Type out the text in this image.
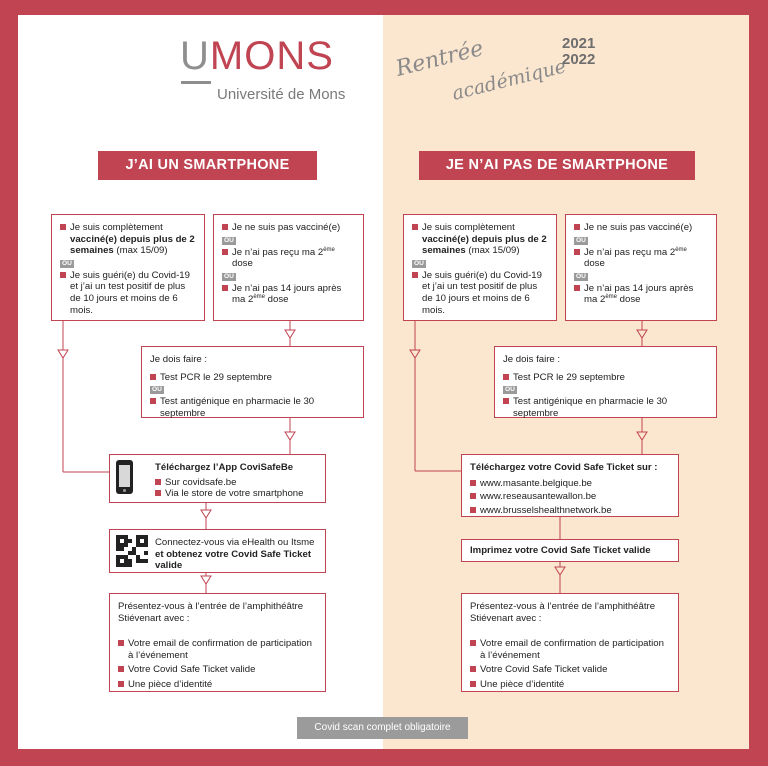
UMONS
Université de Mons
Rentrée
académique
2021
2022
J’AI UN SMARTPHONE	JE N’AI PAS DE SMARTPHONE

Je suis complètement vacciné(e) depuis plus de 2 semaines (max 15/09)

OU

Je suis guéri(e) du Covid-19 et j’ai un test positif de plus de 10 jours et moins de 6 mois.

Je ne suis pas vacciné(e)

OU

Je n’ai pas reçu ma 2ème dose

OU

Je n’ai pas 14 jours après ma 2ème dose

Je dois faire :

Test PCR le 29 septembre

OU

Test antigénique en pharmacie le 30 septembre

Téléchargez l’App CoviSafeBe

Sur covidsafe.be

Via le store de votre smartphone

Connectez-vous via eHealth ou Itsme

et obtenez votre Covid Safe Ticket

valide

Présentez-vous à l’entrée de l’amphithéâtre Stiévenart avec :

Votre email de confirmation de participation à l’événement

Votre Covid Safe Ticket valide

Une pièce d’identité

Je suis complètement vacciné(e) depuis plus de 2 semaines (max 15/09)

OU

Je suis guéri(e) du Covid-19 et j’ai un test positif de plus de 10 jours et moins de 6 mois.

Je ne suis pas vacciné(e)

OU

Je n’ai pas reçu ma 2ème dose

OU

Je n’ai pas 14 jours après ma 2ème dose

Je dois faire :

Test PCR le 29 septembre

OU

Test antigénique en pharmacie le 30 septembre

Téléchargez votre Covid Safe Ticket sur :

www.masante.belgique.be

www.reseausantewallon.be

www.brusselshealthnetwork.be

Imprimez votre Covid Safe Ticket valide

Présentez-vous à l’entrée de l’amphithéâtre Stiévenart avec :

Votre email de confirmation de participation à l’événement

Votre Covid Safe Ticket valide

Une pièce d’identité

Covid scan complet obligatoire
